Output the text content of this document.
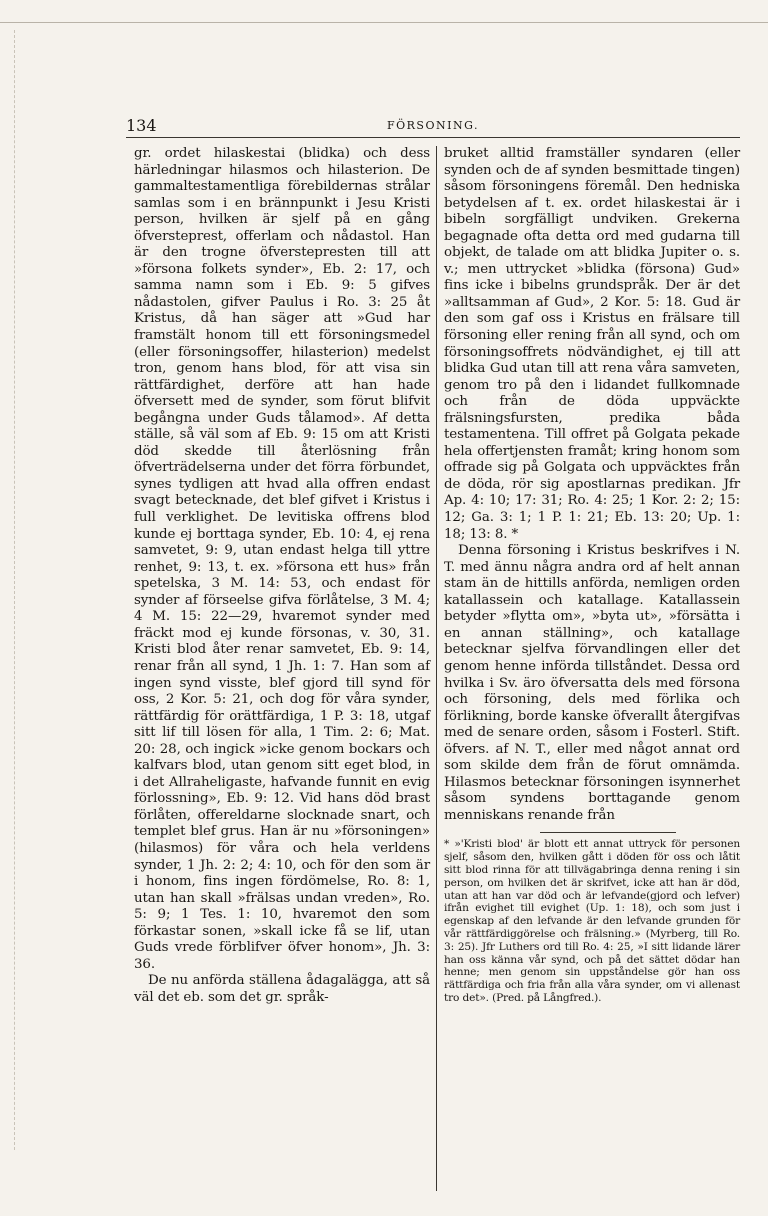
134	FÖRSONING.

gr. ordet hilaskestai (blidka) och dess härledningar hilasmos och hilasterion. De gammaltestamentliga förebildernas strålar samlas som i en brännpunkt i Jesu Kristi person, hvilken är sjelf på en gång öfversteprest, offerlam och nådastol. Han är den trogne öfverstepresten till att »försona folkets synder», Eb. 2: 17, och samma namn som i Eb. 9: 5 gifves nådastolen, gifver Paulus i Ro. 3: 25 åt Kristus, då han säger att »Gud har framstält honom till ett försoningsmedel (eller försoningsoffer, hilasterion) medelst tron, genom hans blod, för att visa sin rättfärdighet, derföre att han hade öfversett med de synder, som förut blifvit begångna under Guds tålamod». Af detta ställe, så väl som af Eb. 9: 15 om att Kristi död skedde till återlösning från öfverträdelserna under det förra förbundet, synes tydligen att hvad alla offren endast svagt betecknade, det blef gifvet i Kristus i full verklighet. De levitiska offrens blod kunde ej borttaga synder, Eb. 10: 4, ej rena samvetet, 9: 9, utan endast helga till yttre renhet, 9: 13, t. ex. »försona ett hus» från spetelska, 3 M. 14: 53, och endast för synder af förseelse gifva förlåtelse, 3 M. 4; 4 M. 15: 22—29, hvaremot synder med fräckt mod ej kunde försonas, v. 30, 31. Kristi blod åter renar samvetet, Eb. 9: 14, renar från all synd, 1 Jh. 1: 7. Han som af ingen synd visste, blef gjord till synd för oss, 2 Kor. 5: 21, och dog för våra synder, rättfärdig för orättfärdiga, 1 P. 3: 18, utgaf sitt lif till lösen för alla, 1 Tim. 2: 6; Mat. 20: 28, och ingick »icke genom bockars och kalfvars blod, utan genom sitt eget blod, in i det Allraheligaste, hafvande funnit en evig förlossning», Eb. 9: 12. Vid hans död brast förlåten, offereldarne slocknade snart, och templet blef grus. Han är nu »försoningen» (hilasmos) för våra och hela verldens synder, 1 Jh. 2: 2; 4: 10, och för den som är i honom, fins ingen fördömelse, Ro. 8: 1, utan han skall »frälsas undan vreden», Ro. 5: 9; 1 Tes. 1: 10, hvaremot den som förkastar sonen, »skall icke få se lif, utan Guds vrede förblifver öfver honom», Jh. 3: 36.

De nu anförda ställena ådagalägga, att så väl det eb. som det gr. språk-

bruket alltid framställer syndaren (eller synden och de af synden besmittade tingen) såsom försoningens föremål. Den hedniska betydelsen af t. ex. ordet hilaskestai är i bibeln sorgfälligt undviken. Grekerna begagnade ofta detta ord med gudarna till objekt, de talade om att blidka Jupiter o. s. v.; men uttrycket »blidka (försona) Gud» fins icke i bibelns grundspråk. Der är det »alltsamman af Gud», 2 Kor. 5: 18. Gud är den som gaf oss i Kristus en frälsare till försoning eller rening från all synd, och om försoningsoffrets nödvändighet, ej till att blidka Gud utan till att rena våra samveten, genom tro på den i lidandet fullkomnade och från de döda uppväckte frälsningsfursten, predika båda testamentena. Till offret på Golgata pekade hela offertjensten framåt; kring honom som offrade sig på Golgata och uppväcktes från de döda, rör sig apostlarnas predikan. Jfr Ap. 4: 10; 17: 31; Ro. 4: 25; 1 Kor. 2: 2; 15: 12; Ga. 3: 1; 1 P. 1: 21; Eb. 13: 20; Up. 1: 18; 13: 8. *

Denna försoning i Kristus beskrifves i N. T. med ännu några andra ord af helt annan stam än de hittills anförda, nemligen orden katallassein och katallage. Katallassein betyder »flytta om», »byta ut», »försätta i en annan ställning», och katallage betecknar sjelfva förvandlingen eller det genom henne införda tillståndet. Dessa ord hvilka i Sv. äro öfversatta dels med försona och försoning, dels med förlika och förlikning, borde kanske öfverallt återgifvas med de senare orden, såsom i Fosterl. Stift. öfvers. af N. T., eller med något annat ord som skilde dem från de förut omnämda. Hilasmos betecknar försoningen isynnerhet såsom syndens borttagande genom menniskans renande från

* »'Kristi blod' är blott ett annat uttryck för personen sjelf, såsom den, hvilken gått i döden för oss och låtit sitt blod rinna för att tillvägabringa denna rening i sin person, om hvilken det är skrifvet, icke att han är död, utan att han var död och är lefvande(gjord och lefver) ifrån evighet till evighet (Up. 1: 18), och som just i egenskap af den lefvande är den lefvande grunden för vår rättfärdiggörelse och frälsning.» (Myrberg, till Ro. 3: 25). Jfr Luthers ord till Ro. 4: 25, »I sitt lidande lärer han oss känna vår synd, och på det sättet dödar han henne; men genom sin uppståndelse gör han oss rättfärdiga och fria från alla våra synder, om vi allenast tro det». (Pred. på Långfred.).
